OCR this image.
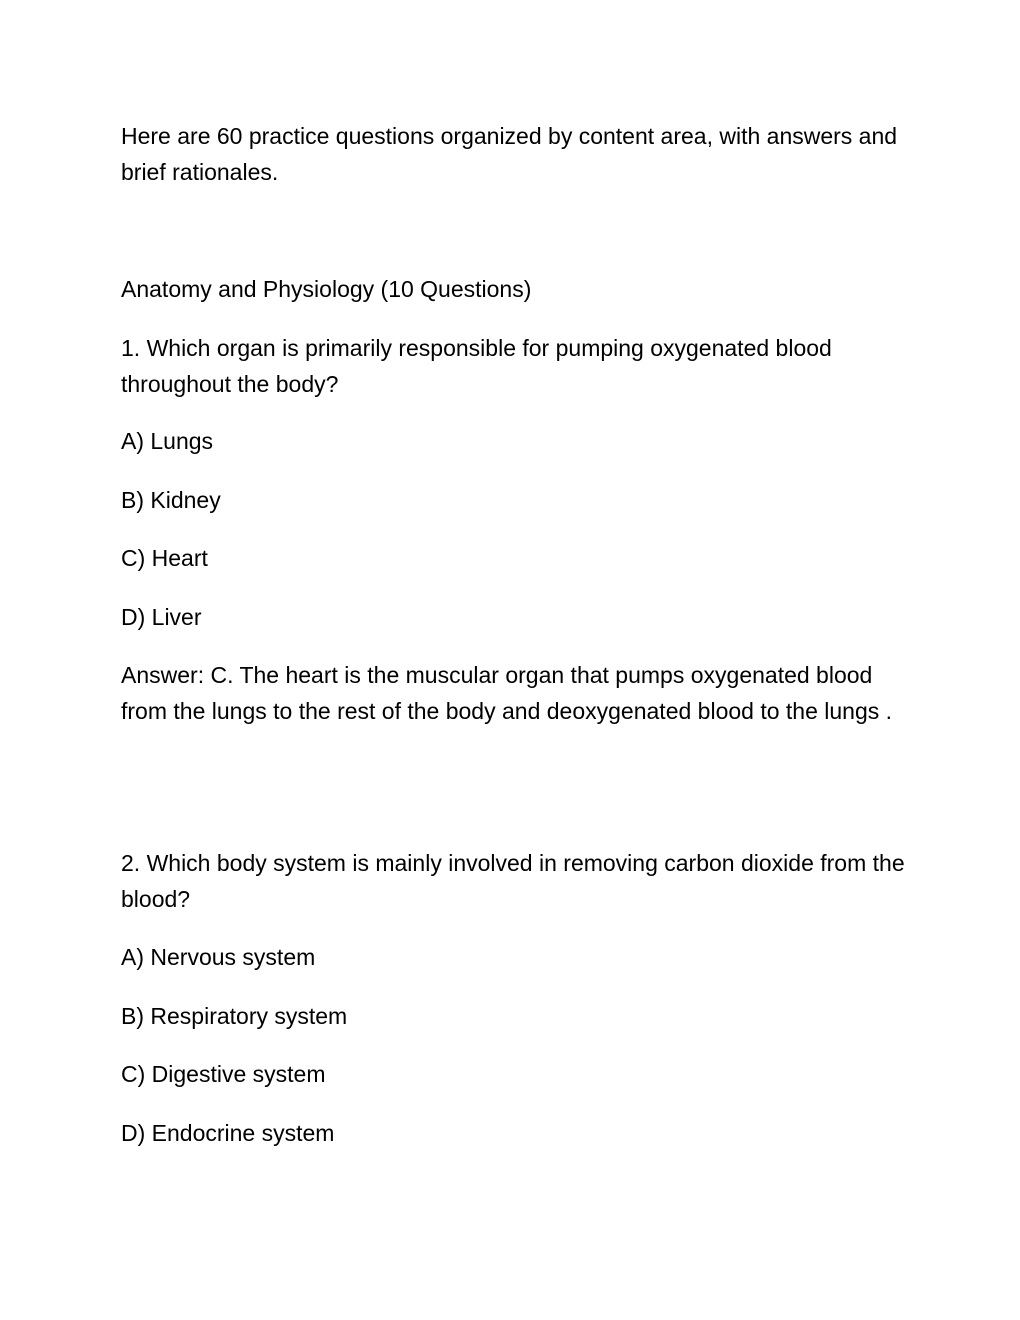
Here are 60 practice questions organized by content area, with answers and brief rationales.

Anatomy and Physiology (10 Questions)

1. Which organ is primarily responsible for pumping oxygenated blood throughout the body?

A) Lungs

B) Kidney

C) Heart

D) Liver

Answer: C. The heart is the muscular organ that pumps oxygenated blood from the lungs to the rest of the body and deoxygenated blood to the lungs .

2. Which body system is mainly involved in removing carbon dioxide from the blood?

A) Nervous system

B) Respiratory system

C) Digestive system

D) Endocrine system
